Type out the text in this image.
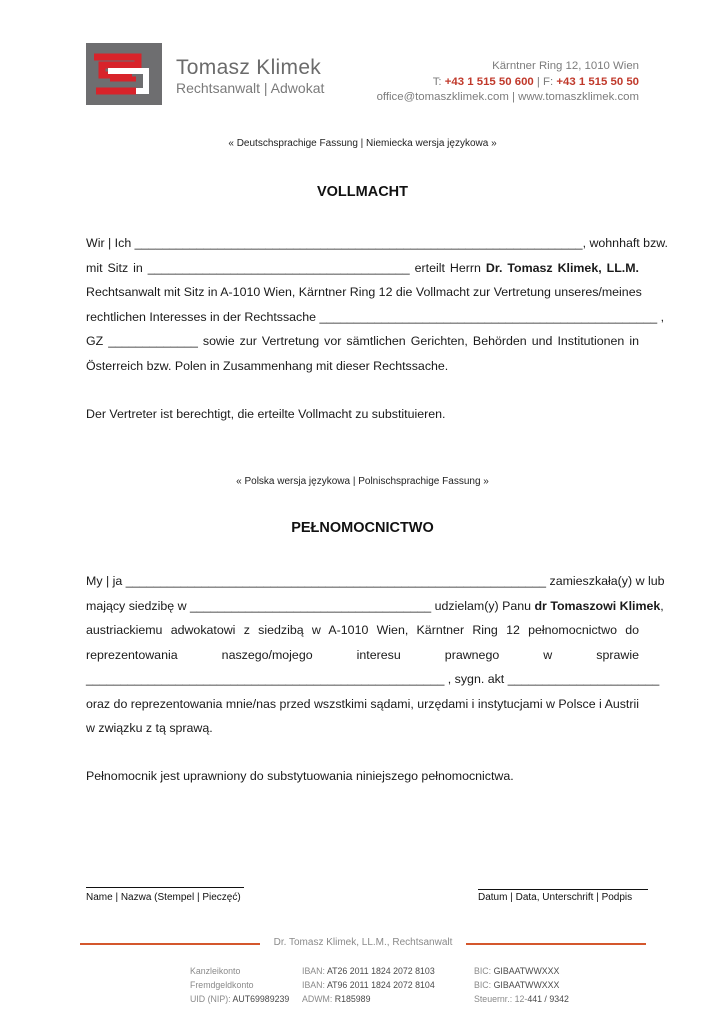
Tomasz Klimek
Rechtsanwalt | Adwokat
Kärntner Ring 12, 1010 Wien
T: +43 1 515 50 600 | F: +43 1 515 50 50
office@tomaszklimek.com | www.tomaszklimek.com
« Deutschsprachige Fassung | Niemiecka wersja językowa »
VOLLMACHT
Wir | Ich _________________________________________________________________, wohnhaft bzw.
mit Sitz in ______________________________________ erteilt Herrn Dr. Tomasz Klimek, LL.M.
Rechtsanwalt mit Sitz in A-1010 Wien, Kärntner Ring 12 die Vollmacht zur Vertretung unseres/meines
rechtlichen Interesses in der Rechtssache _________________________________________________ ,
GZ _____________ sowie zur Vertretung vor sämtlichen Gerichten, Behörden und Institutionen in
Österreich bzw. Polen in Zusammenhang mit dieser Rechtssache.
Der Vertreter ist berechtigt, die erteilte Vollmacht zu substituieren.
« Polska wersja językowa | Polnischsprachige Fassung »
PEŁNOMOCNICTWO
My | ja _____________________________________________________________ zamieszkała(y) w lub
mający siedzibę w ___________________________________ udzielam(y) Panu dr Tomaszowi Klimek,
austriackiemu adwokatowi z siedzibą w A-1010 Wien, Kärntner Ring 12 pełnomocnictwo do
reprezentowania naszego/mojego interesu prawnego w sprawie
____________________________________________________ , sygn. akt ______________________
oraz do reprezentowania mnie/nas przed wszstkimi sądami, urzędami i instytucjami w Polsce i Austrii
w związku z tą sprawą.
Pełnomocnik jest uprawniony do substytuowania niniejszego pełnomocnictwa.
Name | Nazwa (Stempel | Pieczęć)	Datum | Data, Unterschrift | Podpis
Dr. Tomasz Klimek, LL.M., Rechtsanwalt
Kanzleikonto
Fremdgeldkonto
UID (NIP): AUT69989239
IBAN: AT26 2011 1824 2072 8103
IBAN: AT96 2011 1824 2072 8104
ADWM: R185989
BIC: GIBAATWWXXX
BIC: GIBAATWWXXX
Steuernr.: 12-441 / 9342
